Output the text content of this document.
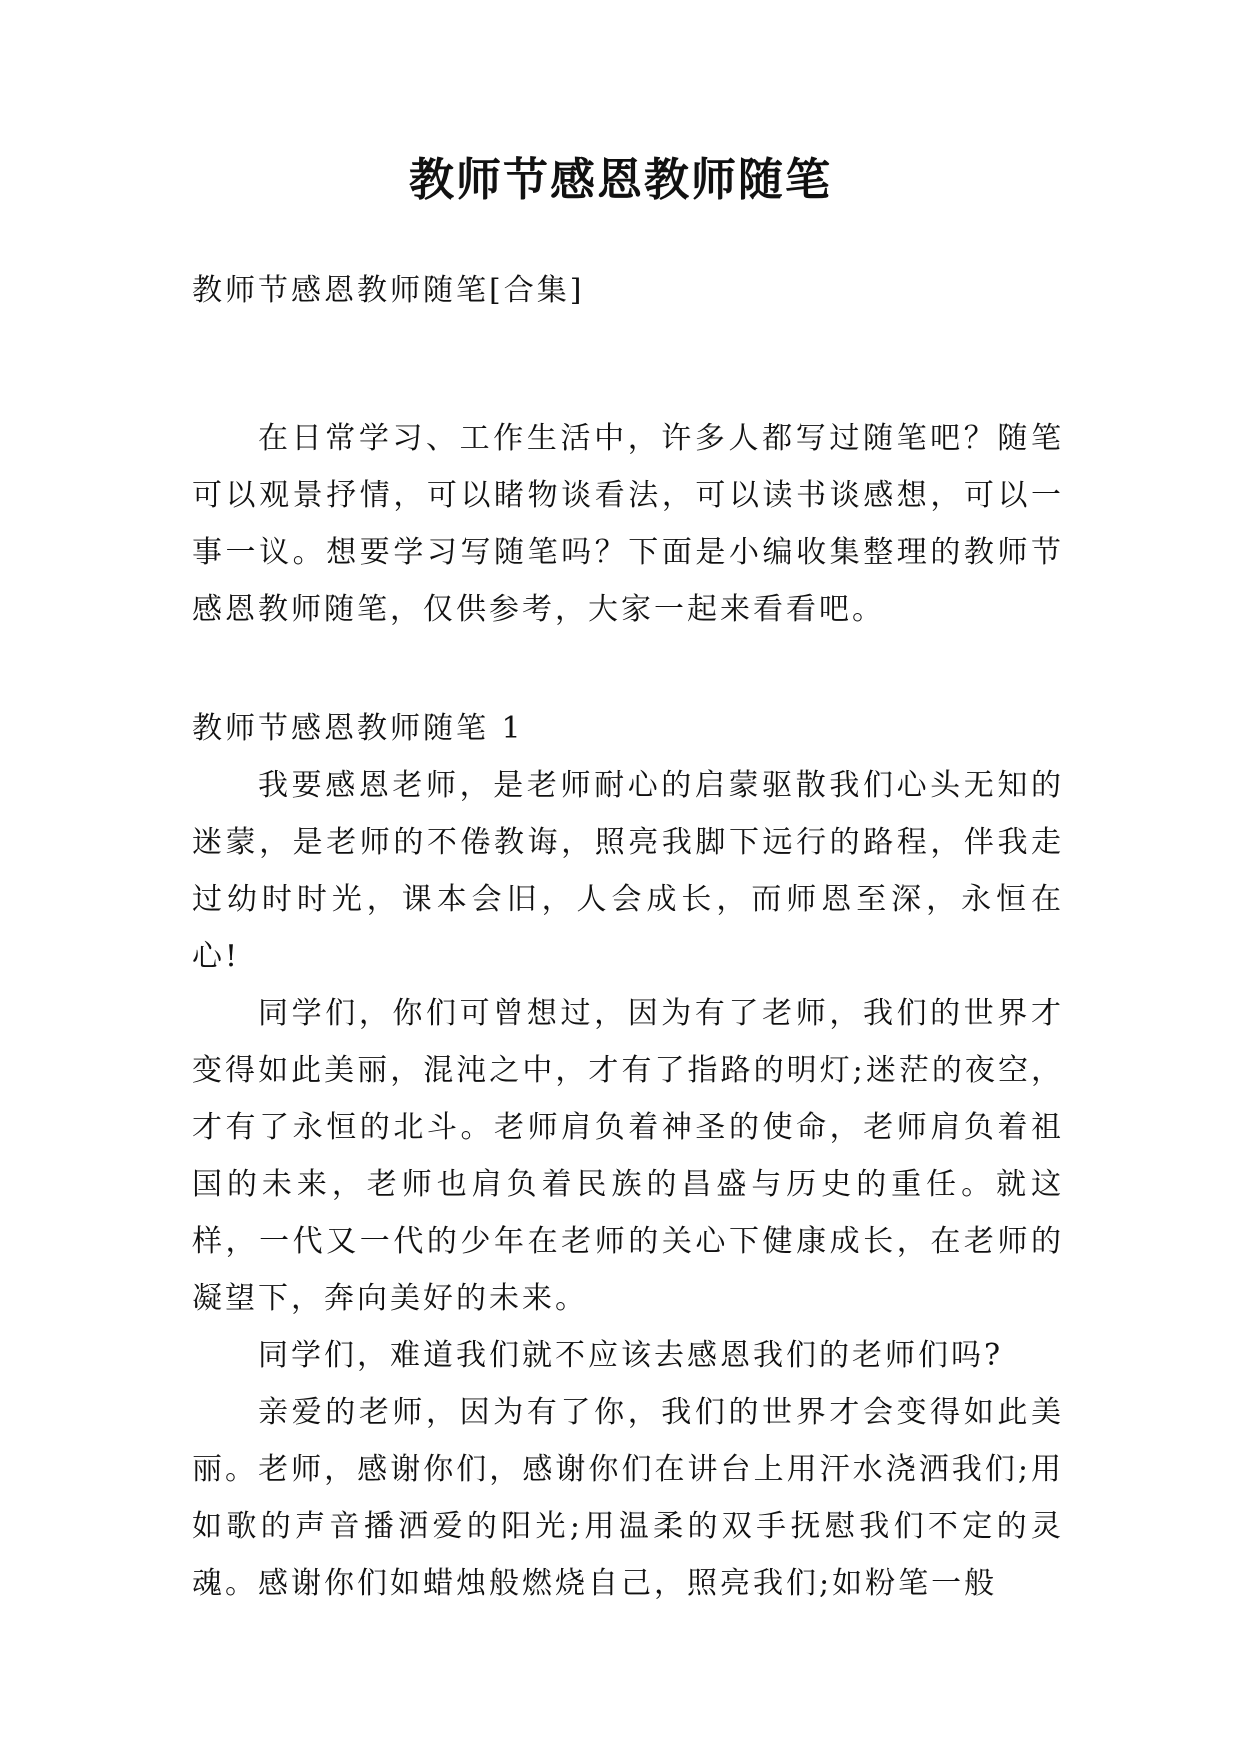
教师节感恩教师随笔
教师节感恩教师随笔[合集]

在日常学习、工作生活中，许多人都写过随笔吧？随笔可以观景抒情，可以睹物谈看法，可以读书谈感想，可以一事一议。想要学习写随笔吗？下面是小编收集整理的教师节感恩教师随笔，仅供参考，大家一起来看看吧。

教师节感恩教师随笔 1

我要感恩老师，是老师耐心的启蒙驱散我们心头无知的迷蒙，是老师的不倦教诲，照亮我脚下远行的路程，伴我走过幼时时光，课本会旧，人会成长，而师恩至深，永恒在心!

同学们，你们可曾想过，因为有了老师，我们的世界才变得如此美丽，混沌之中，才有了指路的明灯;迷茫的夜空，才有了永恒的北斗。老师肩负着神圣的使命，老师肩负着祖国的未来，老师也肩负着民族的昌盛与历史的重任。就这样，一代又一代的少年在老师的关心下健康成长，在老师的凝望下，奔向美好的未来。

同学们，难道我们就不应该去感恩我们的老师们吗?

亲爱的老师，因为有了你，我们的世界才会变得如此美丽。老师，感谢你们，感谢你们在讲台上用汗水浇洒我们;用如歌的声音播洒爱的阳光;用温柔的双手抚慰我们不定的灵魂。感谢你们如蜡烛般燃烧自己，照亮我们;如粉笔一般
